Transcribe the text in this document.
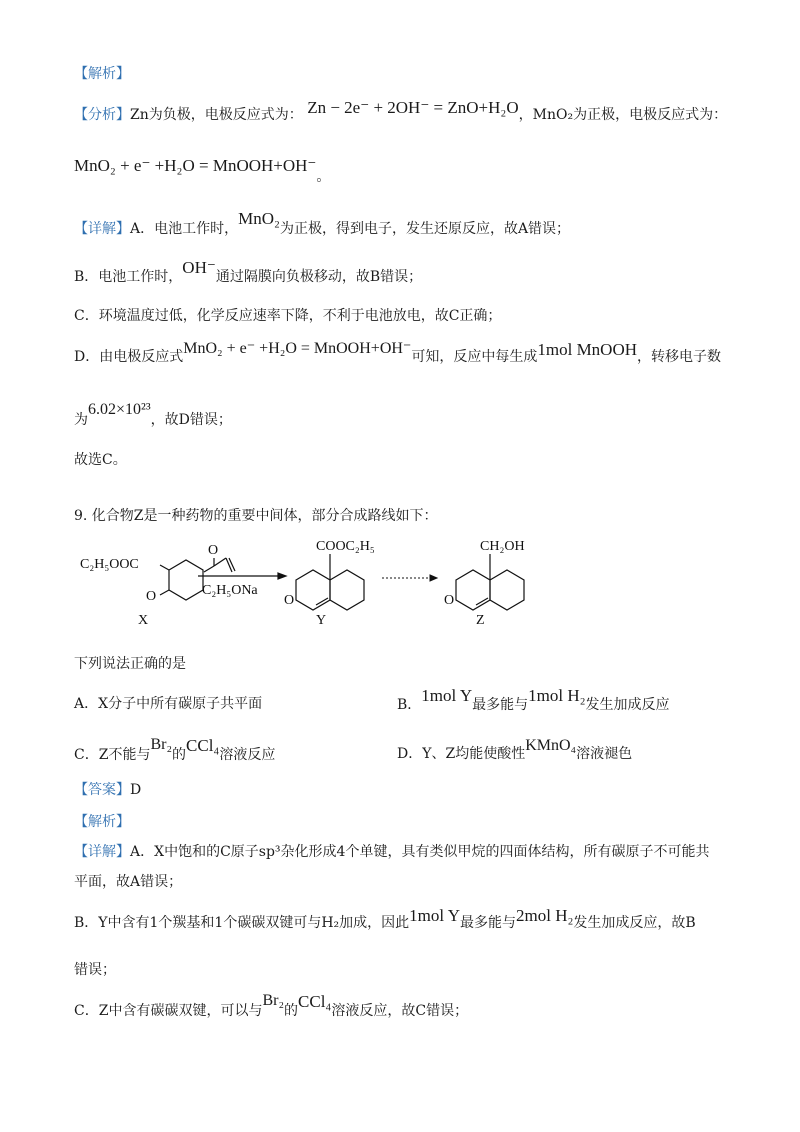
【解析】
【分析】Zn为负极，电极反应式为： Zn − 2e⁻ + 2OH⁻ = ZnO+H₂O，MnO₂为正极，电极反应式为：
MnO₂ + e⁻ +H₂O = MnOOH+OH⁻。
【详解】A．电池工作时，MnO₂为正极，得到电子，发生还原反应，故A错误；
B．电池工作时，OH⁻通过隔膜向负极移动，故B错误；
C．环境温度过低，化学反应速率下降，不利于电池放电，故C正确；
D．由电极反应式MnO₂ + e⁻ +H₂O = MnOOH+OH⁻可知，反应中每生成1mol MnOOH，转移电子数
为6.02×10²³，故D错误；
故选C。
9. 化合物Z是一种药物的重要中间体，部分合成路线如下：
C₂H₅OOC
O
X
O
C₂H₅ONa
COOC₂H₅
O
Y
CH₂OH
O
Z
下列说法正确的是
A．X分子中所有碳原子共平面	B．1mol Y最多能与1mol H₂发生加成反应
C．Z不能与Br₂的CCl₄溶液反应	D．Y、Z均能使酸性KMnO₄溶液褪色
【答案】D
【解析】
【详解】A．X中饱和的C原子sp³杂化形成4个单键，具有类似甲烷的四面体结构，所有碳原子不可能共
平面，故A错误；
B．Y中含有1个羰基和1个碳碳双键可与H₂加成，因此1mol Y最多能与2mol H₂发生加成反应，故B
错误；
C．Z中含有碳碳双键，可以与Br₂的CCl₄溶液反应，故C错误；
